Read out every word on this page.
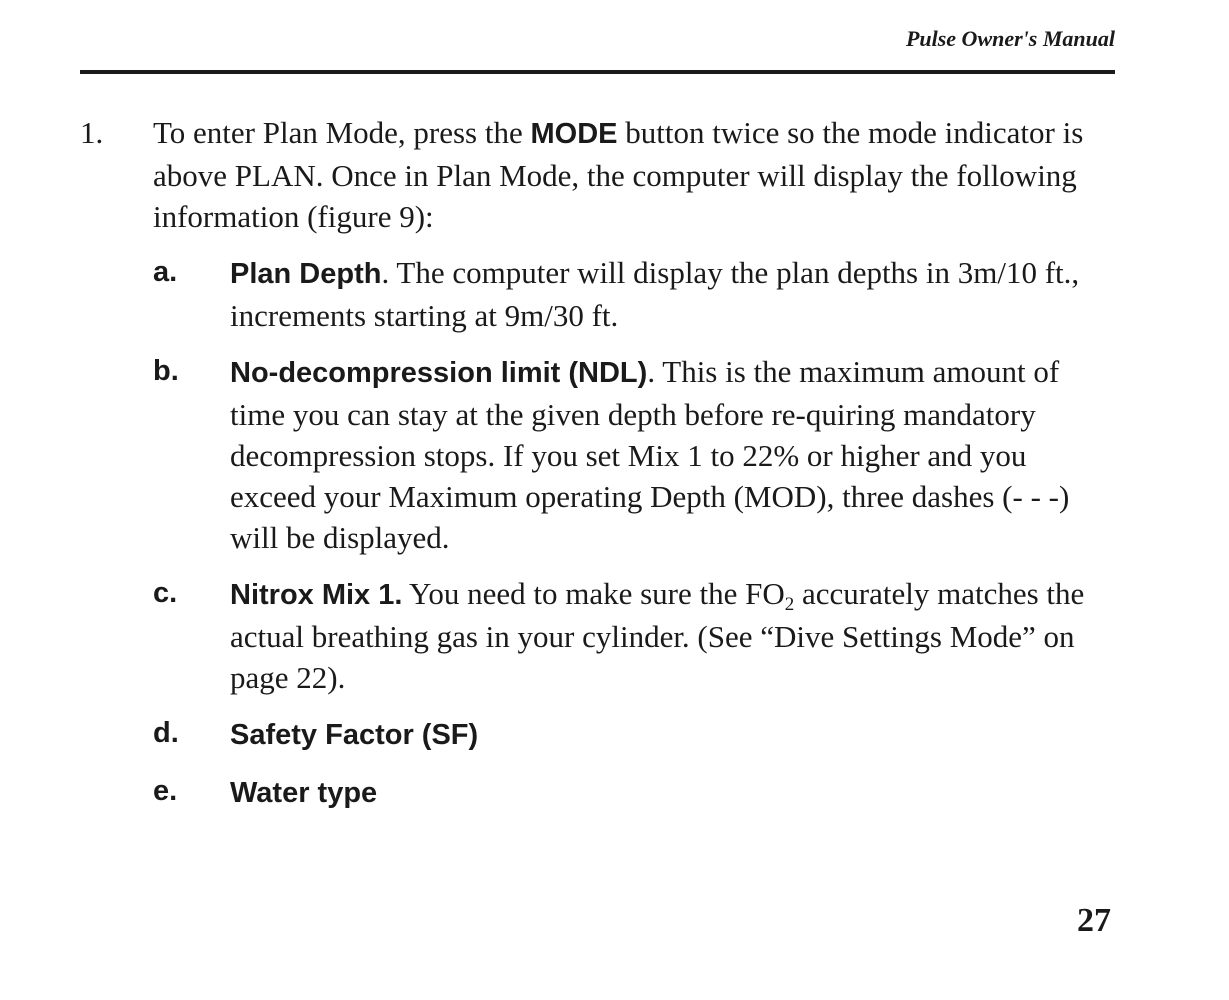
Pulse Owner's Manual
1. To enter Plan Mode, press the MODE button twice so the mode indicator is above PLAN. Once in Plan Mode, the computer will display the following information (figure 9):
a. Plan Depth. The computer will display the plan depths in 3m/10 ft., increments starting at 9m/30 ft.
b. No-decompression limit (NDL). This is the maximum amount of time you can stay at the given depth before re-quiring mandatory decompression stops. If you set Mix 1 to 22% or higher and you exceed your Maximum operating Depth (MOD), three dashes (- - -) will be displayed.
c. Nitrox Mix 1. You need to make sure the $FO_2$ accurately matches the actual breathing gas in your cylinder. (See “Dive Settings Mode” on page 22).
d. Safety Factor (SF)
e. Water type
27
